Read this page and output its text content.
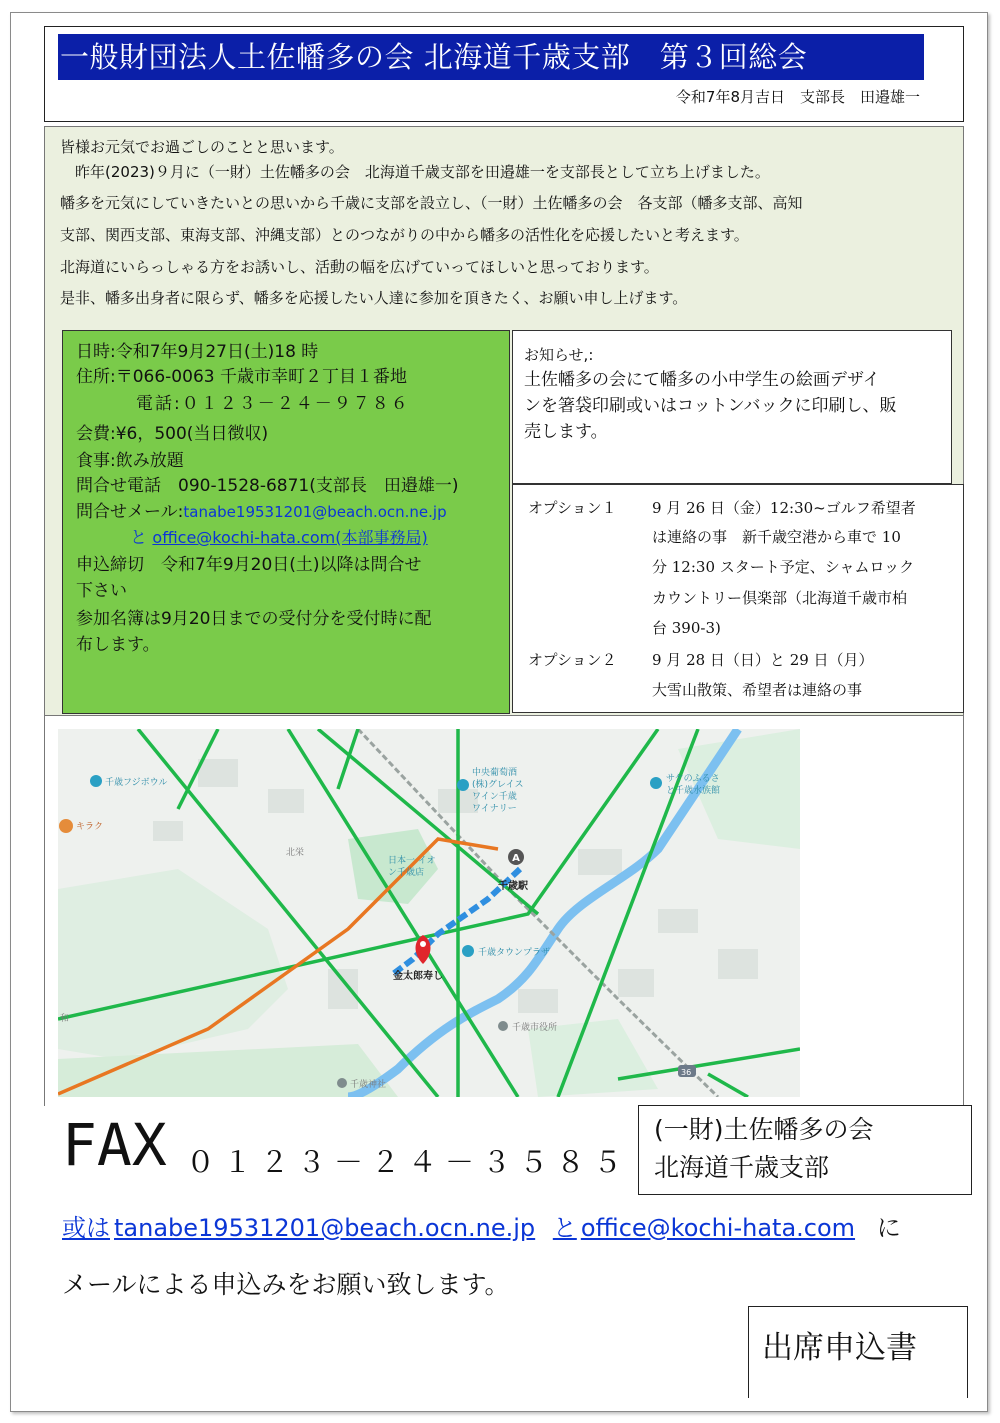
一般財団法人土佐幡多の会 北海道千歳支部　第３回総会
令和7年8月吉日　支部長　田邉雄一
皆様お元気でお過ごしのことと思います。
　昨年(2023)９月に（一財）土佐幡多の会　北海道千歳支部を田邉雄一を支部長として立ち上げました。
幡多を元気にしていきたいとの思いから千歳に支部を設立し、（一財）土佐幡多の会　各支部（幡多支部、高知
支部、関西支部、東海支部、沖縄支部）とのつながりの中から幡多の活性化を応援したいと考えます。
北海道にいらっしゃる方をお誘いし、活動の幅を広げていってほしいと思っております。
是非、幡多出身者に限らず、幡多を応援したい人達に参加を頂きたく、お願い申し上げます。
日時:令和7年9月27日(土)18 時
住所:〒066-0063 千歳市幸町２丁目１番地
電話:０１２３－２４－９７８６
会費:¥6，500(当日徴収)
食事:飲み放題
問合せ電話　090-1528-6871(支部長　田邉雄一)
問合せメール:tanabe19531201@beach.ocn.ne.jp
と office@kochi-hata.com(本部事務局)
申込締切　令和7年9月20日(土)以降は問合せ
下さい
参加名簿は9月20日までの受付分を受付時に配
布します。
お知らせ,:
土佐幡多の会にて幡多の小中学生の絵画デザイ
ンを箸袋印刷或いはコットンバックに印刷し、販
売します。
オプション１ 9 月 26 日（金）12:30~ゴルフ希望者
は連絡の事　新千歳空港から車で 10
分 12:30 スタート予定、シャムロック
カウントリー倶楽部（北海道千歳市柏
台 390-3)
オプション２ 9 月 28 日（日）と 29 日（月）
大雪山散策、希望者は連絡の事
A
千歳フジボウル
中央葡萄酒
(株)グレイス
ワイン千歳
ワイナリー
サケのふるさ
と千歳水族館
日本一 イオ
ン千歳店
千歳タウンプラザ
キラク
北栄
千歳市役所
千歳神社
和
36
千歳駅
金太郎寿し
FAX ０１２３－２４－３５８５
(一財)土佐幡多の会
北海道千歳支部
或は tanabe19531201@beach.ocn.ne.jp と office@kochi-hata.com に
メールによる申込みをお願い致します。
出席申込書
